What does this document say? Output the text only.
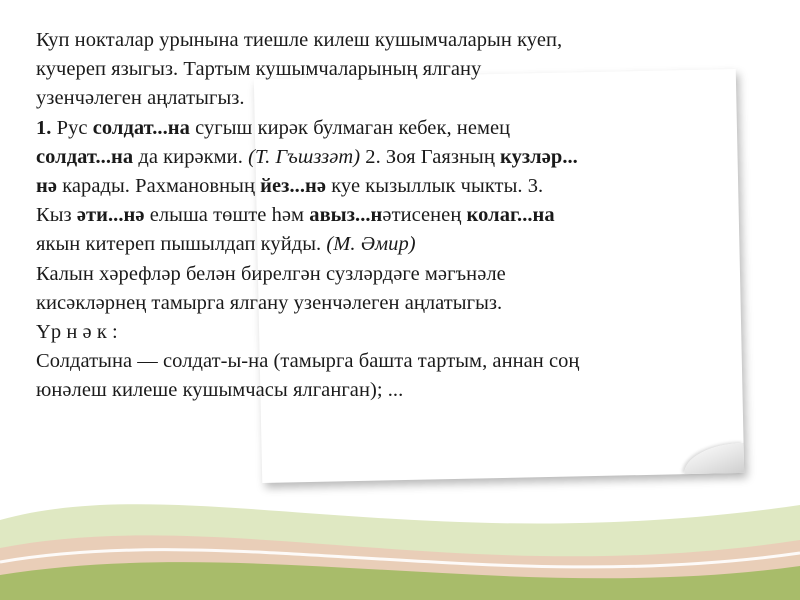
Куп нокталар урынына тиешле килеш кушымчаларын куеп,
кучереп языгыз. Тартым кушымчаларының ялгану
узенчәлеген аңлатыгыз.
1. Рус солдат...на сугыш кирәк булмаган кебек, немец
солдат...на да кирәкми. (Т. Гъшззәт) 2. Зоя Гаязның кузләр...
нә карады. Рахмановның йез...нә куе кызыллык чыкты. 3.
Кыз әти...нә елыша төште һәм авыз...нәтисенең колаг...на
якын китереп пышылдап куйды. (М. Әмир)
Калын хәрефләр белән бирелгән сузләрдәге мәгънәле
кисәкләрнең тамырга ялгану узенчәлеген аңлатыгыз.
Үр н ә к :
Солдатына — солдат-ы-на (тамырга башта тартым, аннан соң
юнәлеш килеше кушымчасы ялганган); ...
